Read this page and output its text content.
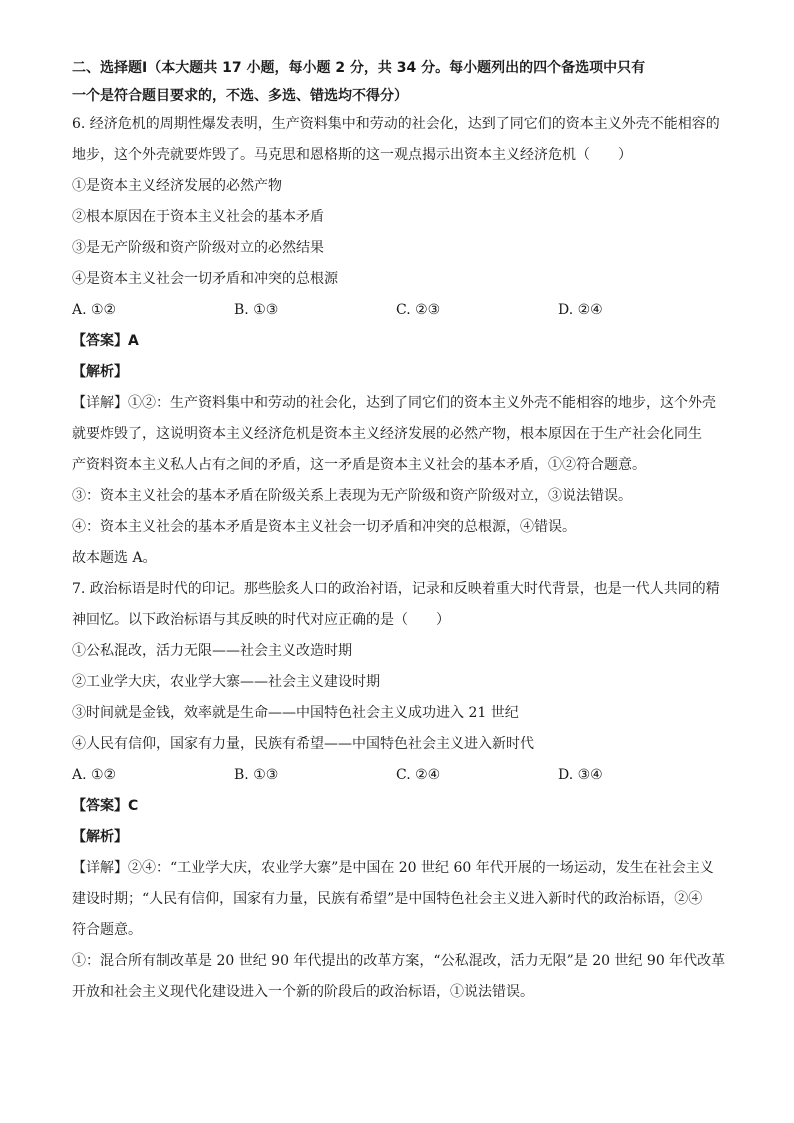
二、选择题Ⅰ（本大题共 17 小题，每小题 2 分，共 34 分。每小题列出的四个备选项中只有
一个是符合题目要求的，不选、多选、错选均不得分）
6. 经济危机的周期性爆发表明，生产资料集中和劳动的社会化，达到了同它们的资本主义外壳不能相容的
地步，这个外壳就要炸毁了。马克思和恩格斯的这一观点揭示出资本主义经济危机（　　）
①是资本主义经济发展的必然产物
②根本原因在于资本主义社会的基本矛盾
③是无产阶级和资产阶级对立的必然结果
④是资本主义社会一切矛盾和冲突的总根源
A. ①②	B. ①③	C. ②③	D. ②④
【答案】A
【解析】
【详解】①②：生产资料集中和劳动的社会化，达到了同它们的资本主义外壳不能相容的地步，这个外壳
就要炸毁了，这说明资本主义经济危机是资本主义经济发展的必然产物，根本原因在于生产社会化同生
产资料资本主义私人占有之间的矛盾，这一矛盾是资本主义社会的基本矛盾，①②符合题意。
③：资本主义社会的基本矛盾在阶级关系上表现为无产阶级和资产阶级对立，③说法错误。
④：资本主义社会的基本矛盾是资本主义社会一切矛盾和冲突的总根源，④错误。
故本题选 A。
7. 政治标语是时代的印记。那些脍炙人口的政治衬语，记录和反映着重大时代背景，也是一代人共同的精
神回忆。以下政治标语与其反映的时代对应正确的是（　　）
①公私混改，活力无限——社会主义改造时期
②工业学大庆，农业学大寨——社会主义建设时期
③时间就是金钱，效率就是生命——中国特色社会主义成功进入 21 世纪
④人民有信仰，国家有力量，民族有希望——中国特色社会主义进入新时代
A. ①②	B. ①③	C. ②④	D. ③④
【答案】C
【解析】
【详解】②④：“工业学大庆，农业学大寨”是中国在 20 世纪 60 年代开展的一场运动，发生在社会主义
建设时期；“人民有信仰，国家有力量，民族有希望”是中国特色社会主义进入新时代的政治标语，②④
符合题意。
①：混合所有制改革是 20 世纪 90 年代提出的改革方案，“公私混改，活力无限”是 20 世纪 90 年代改革
开放和社会主义现代化建设进入一个新的阶段后的政治标语，①说法错误。
